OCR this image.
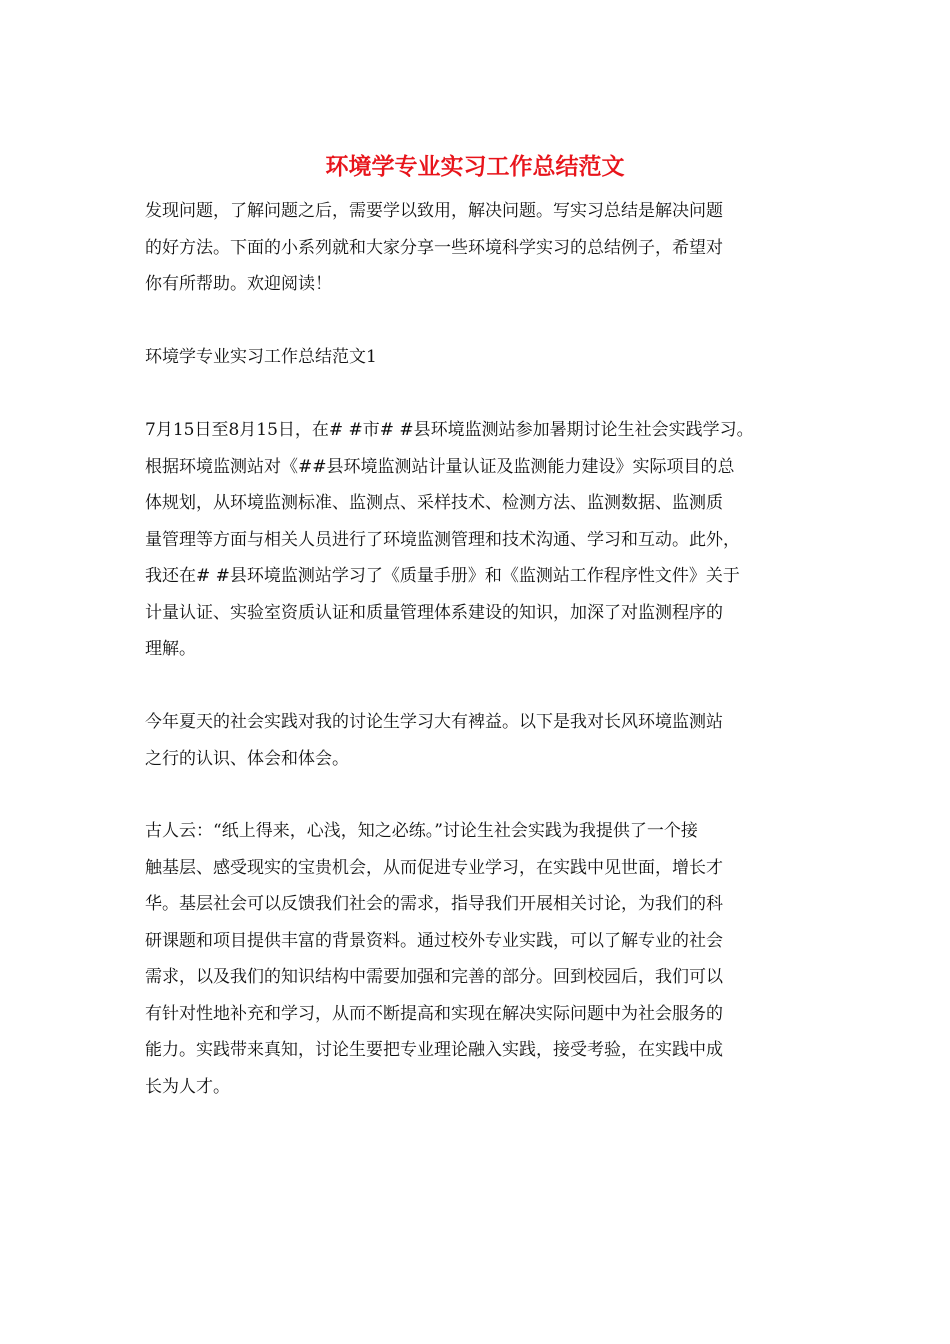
环境学专业实习工作总结范文

发现问题，了解问题之后，需要学以致用，解决问题。写实习总结是解决问题
的好方法。下面的小系列就和大家分享一些环境科学实习的总结例子，希望对
你有所帮助。欢迎阅读！

环境学专业实习工作总结范文1

7月15日至8月15日，在# #市# #县环境监测站参加暑期讨论生社会实践学习。
根据环境监测站对《##县环境监测站计量认证及监测能力建设》实际项目的总
体规划，从环境监测标准、监测点、采样技术、检测方法、监测数据、监测质
量管理等方面与相关人员进行了环境监测管理和技术沟通、学习和互动。此外，
我还在# #县环境监测站学习了《质量手册》和《监测站工作程序性文件》关于
计量认证、实验室资质认证和质量管理体系建设的知识，加深了对监测程序的
理解。

今年夏天的社会实践对我的讨论生学习大有裨益。以下是我对长风环境监测站
之行的认识、体会和体会。

古人云：“纸上得来，心浅，知之必练。”讨论生社会实践为我提供了一个接
触基层、感受现实的宝贵机会，从而促进专业学习，在实践中见世面，增长才
华。基层社会可以反馈我们社会的需求，指导我们开展相关讨论，为我们的科
研课题和项目提供丰富的背景资料。通过校外专业实践，可以了解专业的社会
需求，以及我们的知识结构中需要加强和完善的部分。回到校园后，我们可以
有针对性地补充和学习，从而不断提高和实现在解决实际问题中为社会服务的
能力。实践带来真知，讨论生要把专业理论融入实践，接受考验，在实践中成
长为人才。
